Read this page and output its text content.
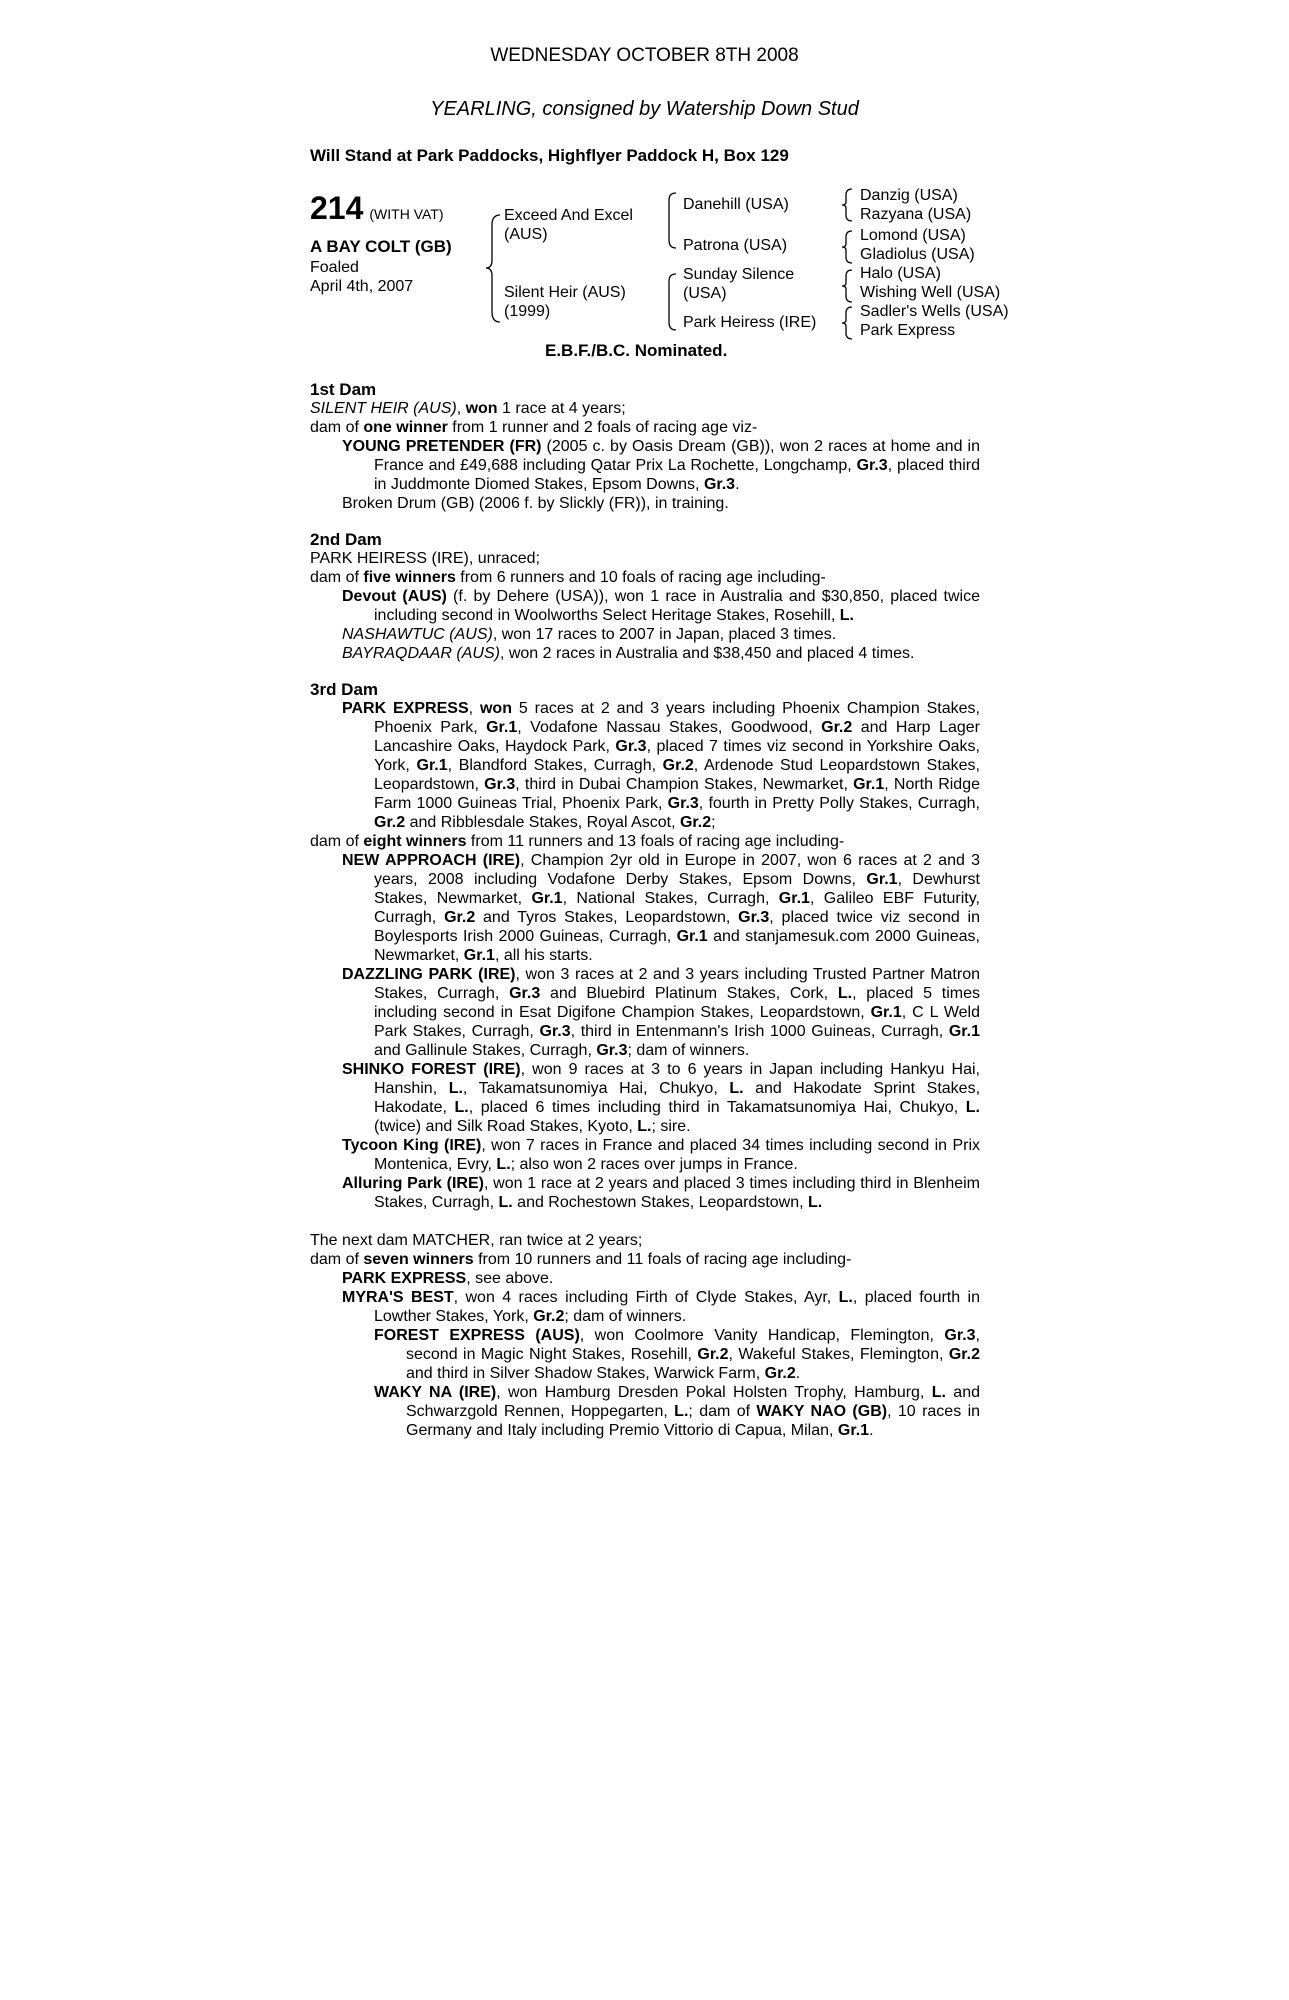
WEDNESDAY OCTOBER 8TH 2008
YEARLING, consigned by Watership Down Stud
Will Stand at Park Paddocks, Highflyer Paddock H, Box 129
214 (WITH VAT)
A BAY COLT (GB)
Foaled
April 4th, 2007
Exceed And Excel
(AUS)
Silent Heir (AUS)
(1999)
Danehill (USA)
Patrona (USA)
Sunday Silence
(USA)
Park Heiress (IRE)
Danzig (USA)
Razyana (USA)
Lomond (USA)
Gladiolus (USA)
Halo (USA)
Wishing Well (USA)
Sadler's Wells (USA)
Park Express
E.B.F./B.C. Nominated.
1st Dam

SILENT HEIR (AUS), won 1 race at 4 years;

dam of one winner from 1 runner and 2 foals of racing age viz-

YOUNG PRETENDER (FR) (2005 c. by Oasis Dream (GB)), won 2 races at home and in France and £49,688 including Qatar Prix La Rochette, Longchamp, Gr.3, placed third in Juddmonte Diomed Stakes, Epsom Downs, Gr.3.

Broken Drum (GB) (2006 f. by Slickly (FR)), in training.

2nd Dam

PARK HEIRESS (IRE), unraced;

dam of five winners from 6 runners and 10 foals of racing age including-

Devout (AUS) (f. by Dehere (USA)), won 1 race in Australia and $30,850, placed twice including second in Woolworths Select Heritage Stakes, Rosehill, L.

NASHAWTUC (AUS), won 17 races to 2007 in Japan, placed 3 times.

BAYRAQDAAR (AUS), won 2 races in Australia and $38,450 and placed 4 times.

3rd Dam

PARK EXPRESS, won 5 races at 2 and 3 years including Phoenix Champion Stakes, Phoenix Park, Gr.1, Vodafone Nassau Stakes, Goodwood, Gr.2 and Harp Lager Lancashire Oaks, Haydock Park, Gr.3, placed 7 times viz second in Yorkshire Oaks, York, Gr.1, Blandford Stakes, Curragh, Gr.2, Ardenode Stud Leopardstown Stakes, Leopardstown, Gr.3, third in Dubai Champion Stakes, Newmarket, Gr.1, North Ridge Farm 1000 Guineas Trial, Phoenix Park, Gr.3, fourth in Pretty Polly Stakes, Curragh, Gr.2 and Ribblesdale Stakes, Royal Ascot, Gr.2;

dam of eight winners from 11 runners and 13 foals of racing age including-

NEW APPROACH (IRE), Champion 2yr old in Europe in 2007, won 6 races at 2 and 3 years, 2008 including Vodafone Derby Stakes, Epsom Downs, Gr.1, Dewhurst Stakes, Newmarket, Gr.1, National Stakes, Curragh, Gr.1, Galileo EBF Futurity, Curragh, Gr.2 and Tyros Stakes, Leopardstown, Gr.3, placed twice viz second in Boylesports Irish 2000 Guineas, Curragh, Gr.1 and stanjamesuk.com 2000 Guineas, Newmarket, Gr.1, all his starts.

DAZZLING PARK (IRE), won 3 races at 2 and 3 years including Trusted Partner Matron Stakes, Curragh, Gr.3 and Bluebird Platinum Stakes, Cork, L., placed 5 times including second in Esat Digifone Champion Stakes, Leopardstown, Gr.1, C L Weld Park Stakes, Curragh, Gr.3, third in Entenmann's Irish 1000 Guineas, Curragh, Gr.1 and Gallinule Stakes, Curragh, Gr.3; dam of winners.

SHINKO FOREST (IRE), won 9 races at 3 to 6 years in Japan including Hankyu Hai, Hanshin, L., Takamatsunomiya Hai, Chukyo, L. and Hakodate Sprint Stakes, Hakodate, L., placed 6 times including third in Takamatsunomiya Hai, Chukyo, L. (twice) and Silk Road Stakes, Kyoto, L.; sire.

Tycoon King (IRE), won 7 races in France and placed 34 times including second in Prix Montenica, Evry, L.; also won 2 races over jumps in France.

Alluring Park (IRE), won 1 race at 2 years and placed 3 times including third in Blenheim Stakes, Curragh, L. and Rochestown Stakes, Leopardstown, L.

The next dam MATCHER, ran twice at 2 years;

dam of seven winners from 10 runners and 11 foals of racing age including-

PARK EXPRESS, see above.

MYRA'S BEST, won 4 races including Firth of Clyde Stakes, Ayr, L., placed fourth in Lowther Stakes, York, Gr.2; dam of winners.

FOREST EXPRESS (AUS), won Coolmore Vanity Handicap, Flemington, Gr.3, second in Magic Night Stakes, Rosehill, Gr.2, Wakeful Stakes, Flemington, Gr.2 and third in Silver Shadow Stakes, Warwick Farm, Gr.2.

WAKY NA (IRE), won Hamburg Dresden Pokal Holsten Trophy, Hamburg, L. and Schwarzgold Rennen, Hoppegarten, L.; dam of WAKY NAO (GB), 10 races in Germany and Italy including Premio Vittorio di Capua, Milan, Gr.1.
